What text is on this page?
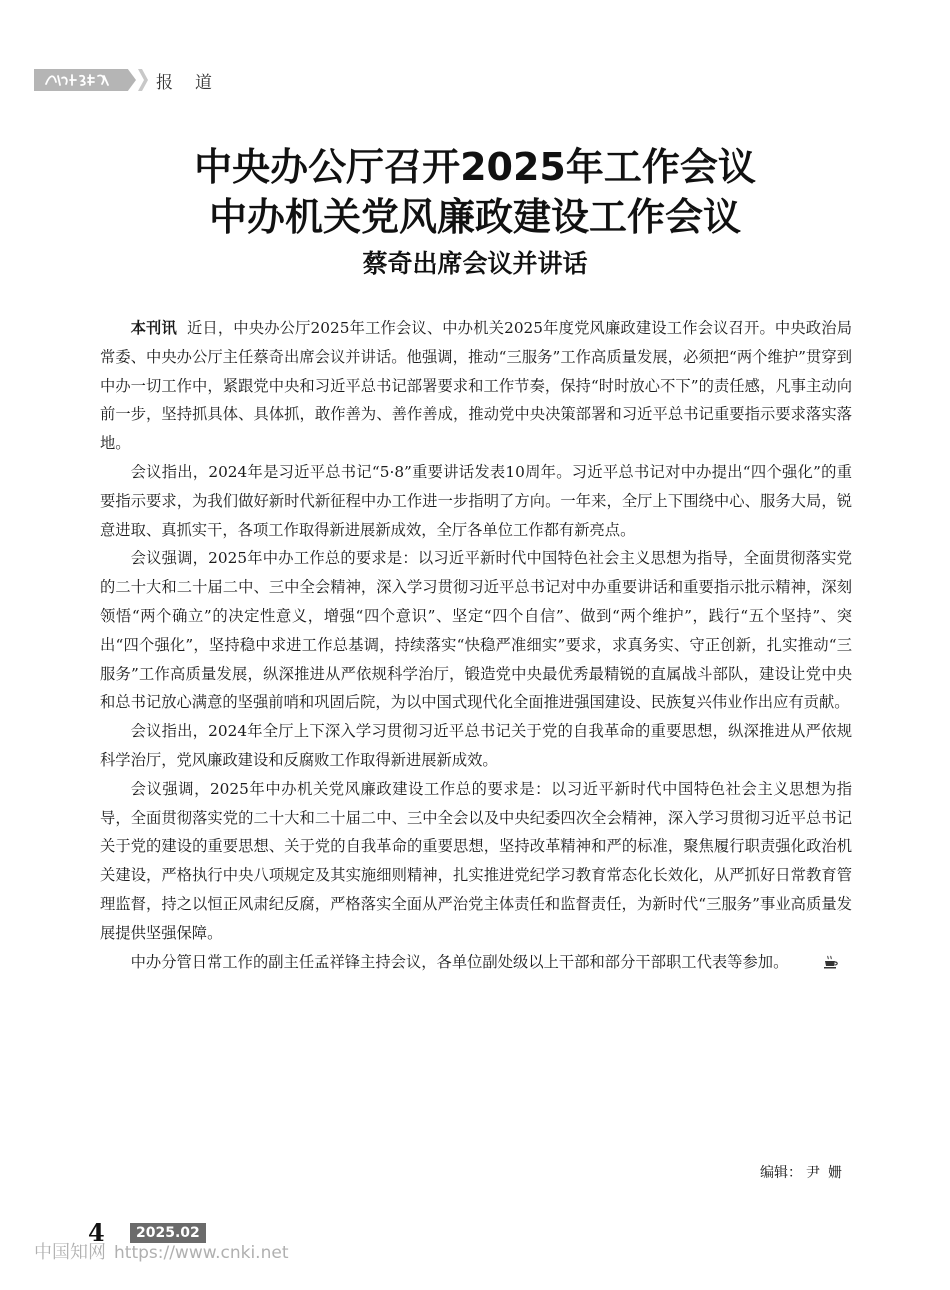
报道
中央办公厅召开2025年工作会议
中办机关党风廉政建设工作会议
蔡奇出席会议并讲话

本刊讯 近日，中央办公厅2025年工作会议、中办机关2025年度党风廉政建设工作会议召开。中央政治局常委、中央办公厅主任蔡奇出席会议并讲话。他强调，推动“三服务”工作高质量发展，必须把“两个维护”贯穿到中办一切工作中，紧跟党中央和习近平总书记部署要求和工作节奏，保持“时时放心不下”的责任感，凡事主动向前一步，坚持抓具体、具体抓，敢作善为、善作善成，推动党中央决策部署和习近平总书记重要指示要求落实落地。

会议指出，2024年是习近平总书记“5·8”重要讲话发表10周年。习近平总书记对中办提出“四个强化”的重要指示要求，为我们做好新时代新征程中办工作进一步指明了方向。一年来，全厅上下围绕中心、服务大局，锐意进取、真抓实干，各项工作取得新进展新成效，全厅各单位工作都有新亮点。

会议强调，2025年中办工作总的要求是：以习近平新时代中国特色社会主义思想为指导，全面贯彻落实党的二十大和二十届二中、三中全会精神，深入学习贯彻习近平总书记对中办重要讲话和重要指示批示精神，深刻领悟“两个确立”的决定性意义，增强“四个意识”、坚定“四个自信”、做到“两个维护”，践行“五个坚持”、突出“四个强化”，坚持稳中求进工作总基调，持续落实“快稳严准细实”要求，求真务实、守正创新，扎实推动“三服务”工作高质量发展，纵深推进从严依规科学治厅，锻造党中央最优秀最精锐的直属战斗部队，建设让党中央和总书记放心满意的坚强前哨和巩固后院，为以中国式现代化全面推进强国建设、民族复兴伟业作出应有贡献。

会议指出，2024年全厅上下深入学习贯彻习近平总书记关于党的自我革命的重要思想，纵深推进从严依规科学治厅，党风廉政建设和反腐败工作取得新进展新成效。

会议强调，2025年中办机关党风廉政建设工作总的要求是：以习近平新时代中国特色社会主义思想为指导，全面贯彻落实党的二十大和二十届二中、三中全会以及中央纪委四次全会精神，深入学习贯彻习近平总书记关于党的建设的重要思想、关于党的自我革命的重要思想，坚持改革精神和严的标准，聚焦履行职责强化政治机关建设，严格执行中央八项规定及其实施细则精神，扎实推进党纪学习教育常态化长效化，从严抓好日常教育管理监督，持之以恒正风肃纪反腐，严格落实全面从严治党主体责任和监督责任，为新时代“三服务”事业高质量发展提供坚强保障。

中办分管日常工作的副主任孟祥锋主持会议，各单位副处级以上干部和部分干部职工代表等参加。

编辑： 尹姗
4	2025.02
中国知网 https://www.cnki.net
